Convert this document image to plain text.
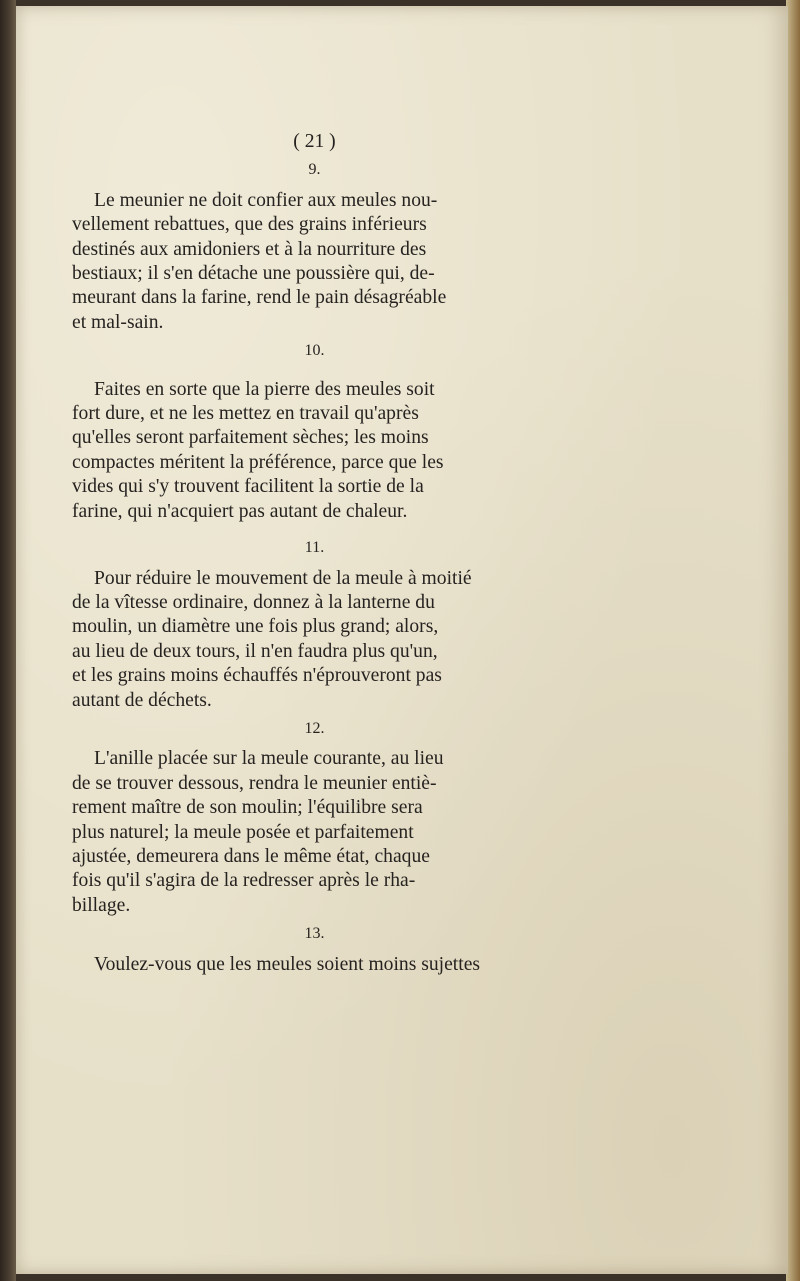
( 21 )
9.

Le meunier ne doit confier aux meules nou-

vellement rebattues, que des grains inférieurs

destinés aux amidoniers et à la nourriture des

bestiaux; il s'en détache une poussière qui, de-

meurant dans la farine, rend le pain désagréable

et mal-sain.

10.

Faites en sorte que la pierre des meules soit

fort dure, et ne les mettez en travail qu'après

qu'elles seront parfaitement sèches; les moins

compactes méritent la préférence, parce que les

vides qui s'y trouvent facilitent la sortie de la

farine, qui n'acquiert pas autant de chaleur.

11.

Pour réduire le mouvement de la meule à moitié

de la vîtesse ordinaire, donnez à la lanterne du

moulin, un diamètre une fois plus grand; alors,

au lieu de deux tours, il n'en faudra plus qu'un,

et les grains moins échauffés n'éprouveront pas

autant de déchets.

12.

L'anille placée sur la meule courante, au lieu

de se trouver dessous, rendra le meunier entiè-

rement maître de son moulin; l'équilibre sera

plus naturel; la meule posée et parfaitement

ajustée, demeurera dans le même état, chaque

fois qu'il s'agira de la redresser après le rha-

billage.

13.

Voulez-vous que les meules soient moins sujettes
